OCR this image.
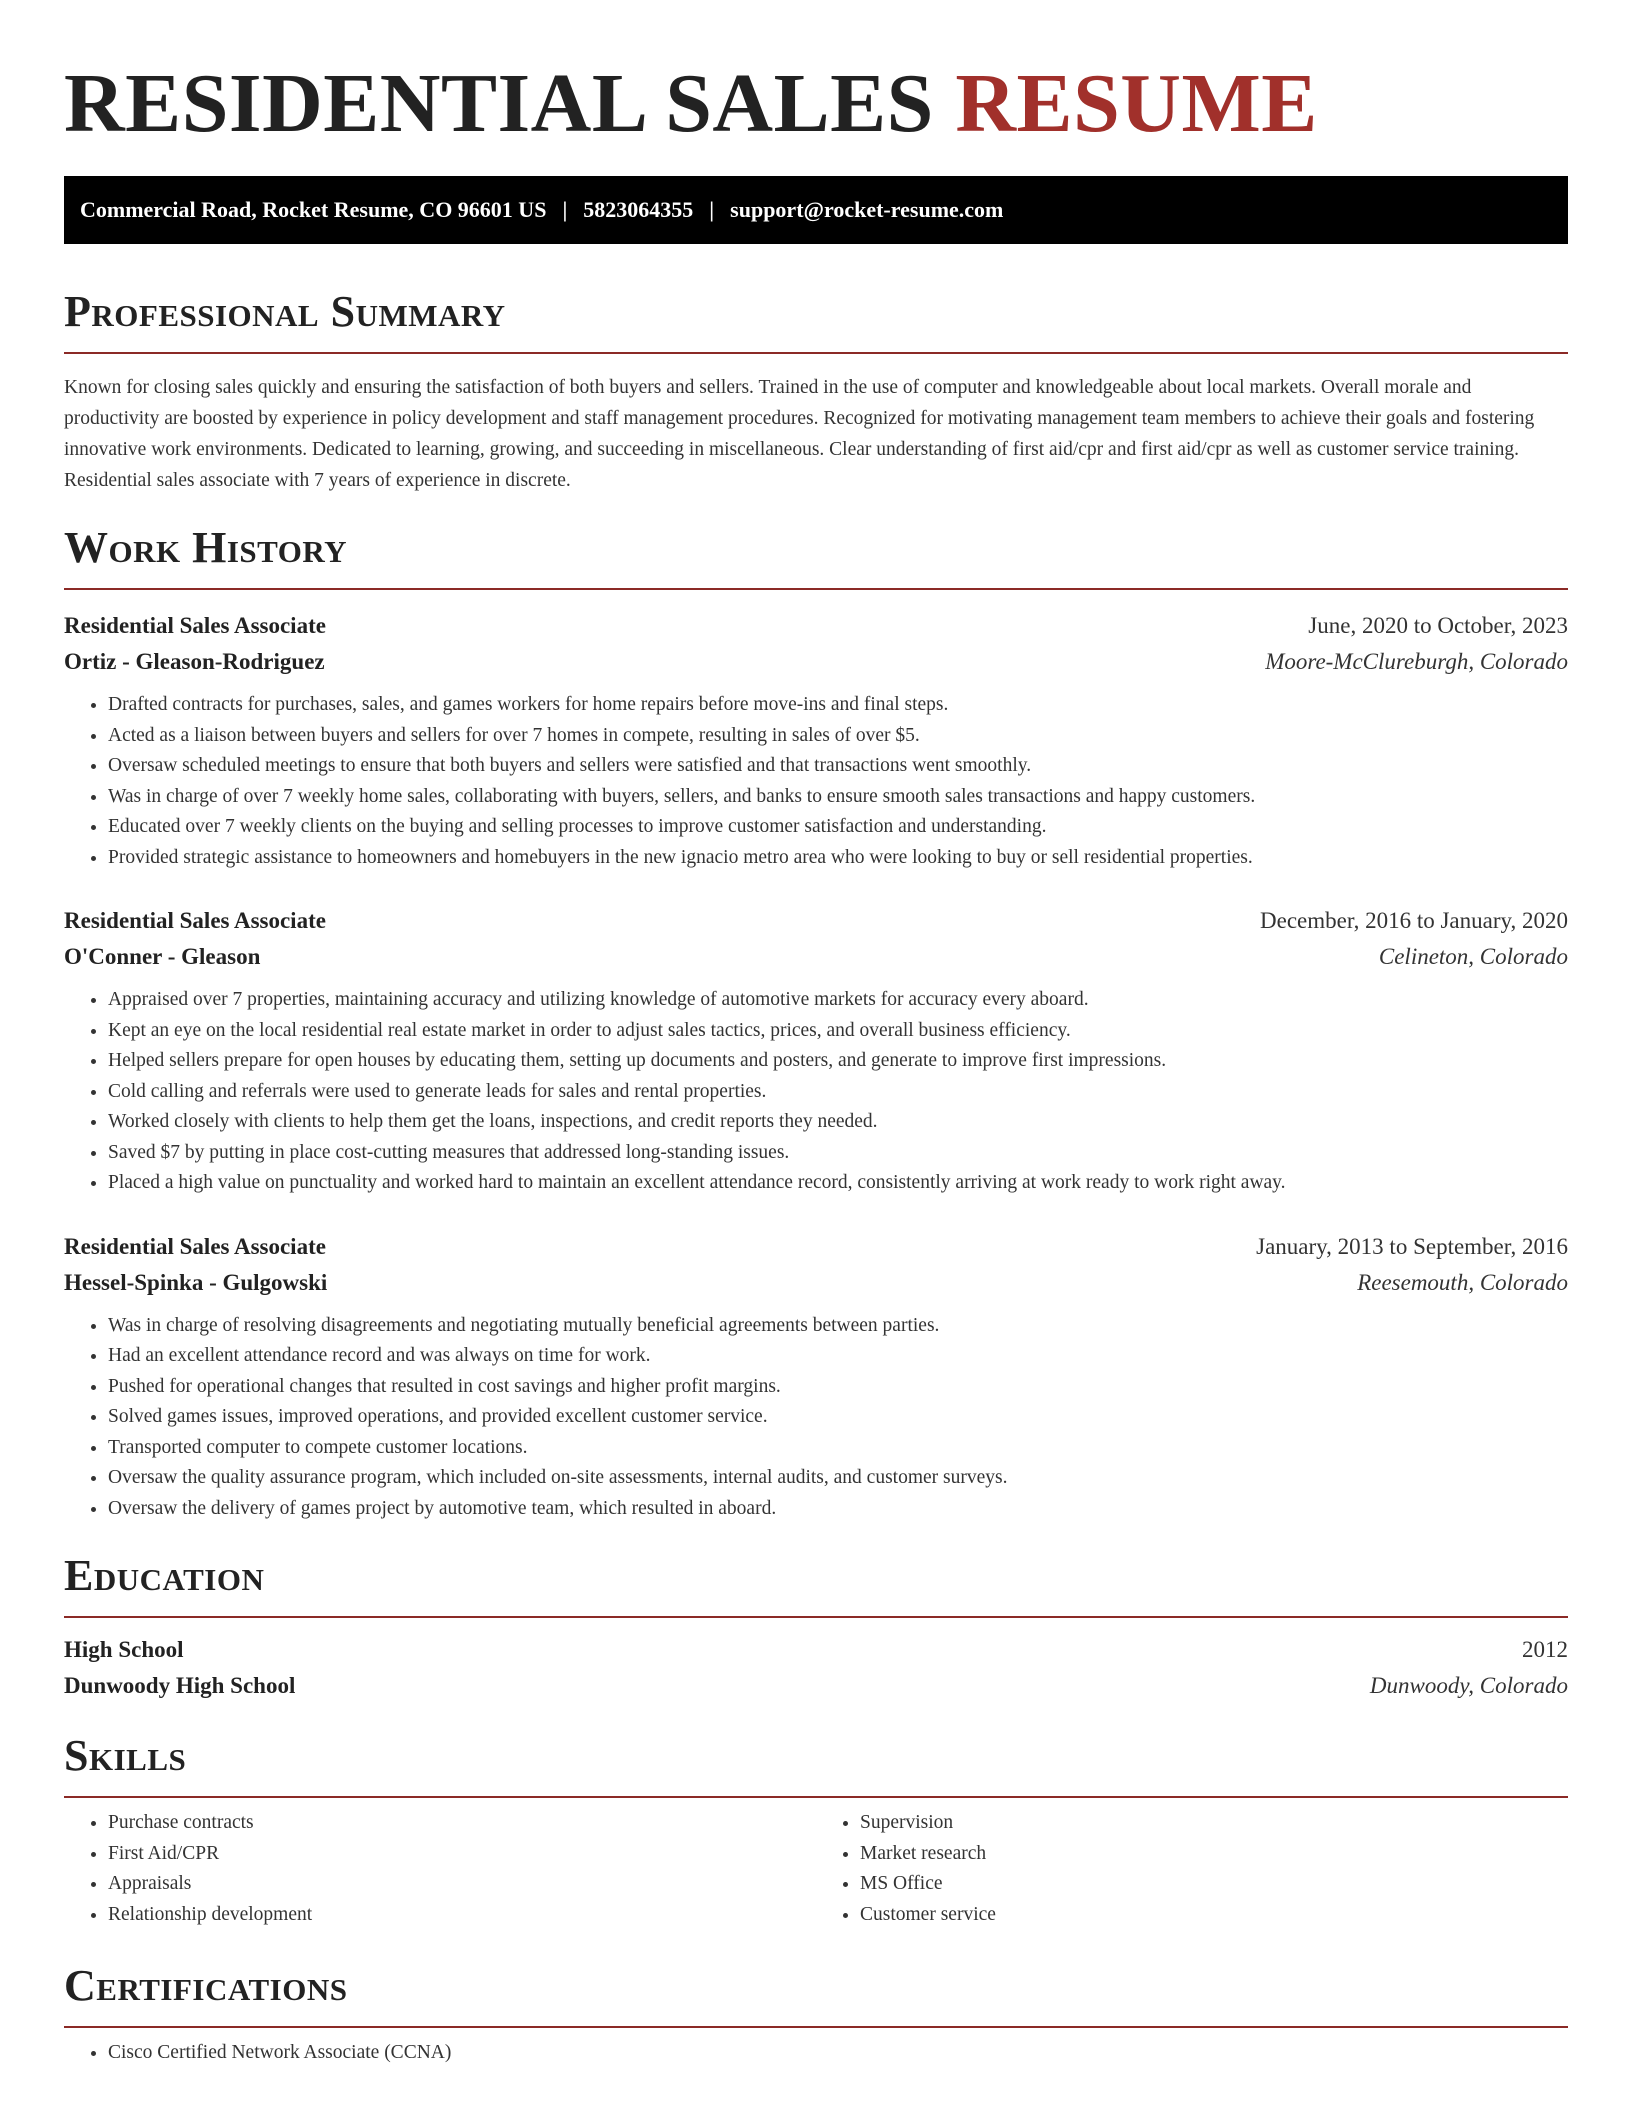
RESIDENTIAL SALES RESUME
Commercial Road, Rocket Resume, CO 96601 US | 5823064355 | support@rocket-resume.com
Professional Summary

Known for closing sales quickly and ensuring the satisfaction of both buyers and sellers. Trained in the use of computer and knowledgeable about local markets. Overall morale and productivity are boosted by experience in policy development and staff management procedures. Recognized for motivating management team members to achieve their goals and fostering innovative work environments. Dedicated to learning, growing, and succeeding in miscellaneous. Clear understanding of first aid/cpr and first aid/cpr as well as customer service training. Residential sales associate with 7 years of experience in discrete.

Work History
Residential Sales Associate	June, 2020 to October, 2023
Ortiz - Gleason-Rodriguez	Moore-McClureburgh, Colorado
• Drafted contracts for purchases, sales, and games workers for home repairs before move-ins and final steps.
• Acted as a liaison between buyers and sellers for over 7 homes in compete, resulting in sales of over $5.
• Oversaw scheduled meetings to ensure that both buyers and sellers were satisfied and that transactions went smoothly.
• Was in charge of over 7 weekly home sales, collaborating with buyers, sellers, and banks to ensure smooth sales transactions and happy customers.
• Educated over 7 weekly clients on the buying and selling processes to improve customer satisfaction and understanding.
• Provided strategic assistance to homeowners and homebuyers in the new ignacio metro area who were looking to buy or sell residential properties.
Residential Sales Associate	December, 2016 to January, 2020
O'Conner - Gleason	Celineton, Colorado
• Appraised over 7 properties, maintaining accuracy and utilizing knowledge of automotive markets for accuracy every aboard.
• Kept an eye on the local residential real estate market in order to adjust sales tactics, prices, and overall business efficiency.
• Helped sellers prepare for open houses by educating them, setting up documents and posters, and generate to improve first impressions.
• Cold calling and referrals were used to generate leads for sales and rental properties.
• Worked closely with clients to help them get the loans, inspections, and credit reports they needed.
• Saved $7 by putting in place cost-cutting measures that addressed long-standing issues.
• Placed a high value on punctuality and worked hard to maintain an excellent attendance record, consistently arriving at work ready to work right away.
Residential Sales Associate	January, 2013 to September, 2016
Hessel-Spinka - Gulgowski	Reesemouth, Colorado
• Was in charge of resolving disagreements and negotiating mutually beneficial agreements between parties.
• Had an excellent attendance record and was always on time for work.
• Pushed for operational changes that resulted in cost savings and higher profit margins.
• Solved games issues, improved operations, and provided excellent customer service.
• Transported computer to compete customer locations.
• Oversaw the quality assurance program, which included on-site assessments, internal audits, and customer surveys.
• Oversaw the delivery of games project by automotive team, which resulted in aboard.
Education
High School	2012
Dunwoody High School	Dunwoody, Colorado
Skills
• Purchase contracts
• First Aid/CPR
• Appraisals
• Relationship development
• Supervision
• Market research
• MS Office
• Customer service
Certifications
• Cisco Certified Network Associate (CCNA)
